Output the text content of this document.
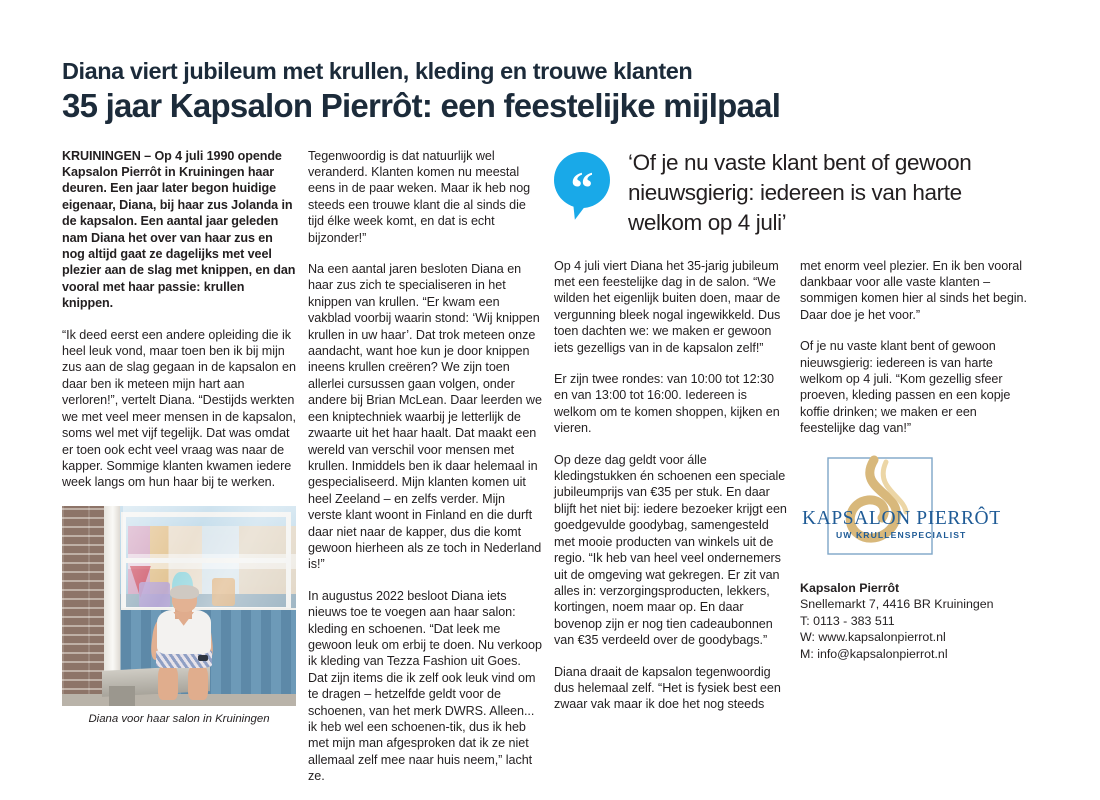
Diana viert jubileum met krullen, kleding en trouwe klanten
35 jaar Kapsalon Pierrôt: een feestelijke mijlpaal

KRUININGEN – Op 4 juli 1990 opende Kapsalon Pierrôt in Kruiningen haar deuren. Een jaar later begon huidige eigenaar, Diana, bij haar zus Jolanda in de kapsalon. Een aantal jaar geleden nam Diana het over van haar zus en nog altijd gaat ze dagelijks met veel plezier aan de slag met knippen, en dan vooral met haar passie: krullen knippen.

“Ik deed eerst een andere opleiding die ik heel leuk vond, maar toen ben ik bij mijn zus aan de slag gegaan in de kapsalon en daar ben ik meteen mijn hart aan verloren!”, vertelt Diana. “Destijds werkten we met veel meer mensen in de kapsalon, soms wel met vijf tegelijk. Dat was omdat er toen ook echt veel vraag was naar de kapper. Sommige klanten kwamen iedere week langs om hun haar bij te werken.

Diana voor haar salon in Kruiningen

Tegenwoordig is dat natuurlijk wel veranderd. Klanten komen nu meestal eens in de paar weken. Maar ik heb nog steeds een trouwe klant die al sinds die tijd élke week komt, en dat is echt bijzonder!”

Na een aantal jaren besloten Diana en haar zus zich te specialiseren in het knippen van krullen. “Er kwam een vakblad voorbij waarin stond: ‘Wij knippen krullen in uw haar’. Dat trok meteen onze aandacht, want hoe kun je door knippen ineens krullen creëren? We zijn toen allerlei cursussen gaan volgen, onder andere bij Brian McLean. Daar leerden we een kniptechniek waarbij je letterlijk de zwaarte uit het haar haalt. Dat maakt een wereld van verschil voor mensen met krullen. Inmiddels ben ik daar helemaal in gespecialiseerd. Mijn klanten komen uit heel Zeeland – en zelfs verder. Mijn verste klant woont in Finland en die durft daar niet naar de kapper, dus die komt gewoon hierheen als ze toch in Nederland is!”

In augustus 2022 besloot Diana iets nieuws toe te voegen aan haar salon: kleding en schoenen. “Dat leek me gewoon leuk om erbij te doen. Nu verkoop ik kleding van Tezza Fashion uit Goes. Dat zijn items die ik zelf ook leuk vind om te dragen – hetzelfde geldt voor de schoenen, van het merk DWRS. Alleen... ik heb wel een schoenen-tik, dus ik heb met mijn man afgesproken dat ik ze niet allemaal zelf mee naar huis neem,” lacht ze.

“ ‘Of je nu vaste klant bent of gewoon nieuwsgierig: iedereen is van harte welkom op 4 juli’

Op 4 juli viert Diana het 35-jarig jubileum met een feestelijke dag in de salon. “We wilden het eigenlijk buiten doen, maar de vergunning bleek nogal ingewikkeld. Dus toen dachten we: we maken er gewoon iets gezelligs van in de kapsalon zelf!”

Er zijn twee rondes: van 10:00 tot 12:30 en van 13:00 tot 16:00. Iedereen is welkom om te komen shoppen, kijken en vieren.

Op deze dag geldt voor álle kledingstukken én schoenen een speciale jubileumprijs van €35 per stuk. En daar blijft het niet bij: iedere bezoeker krijgt een goedgevulde goodybag, samengesteld met mooie producten van winkels uit de regio. “Ik heb van heel veel ondernemers uit de omgeving wat gekregen. Er zit van alles in: verzorgingsproducten, lekkers, kortingen, noem maar op. En daar bovenop zijn er nog tien cadeaubonnen van €35 verdeeld over de goodybags.”

Diana draait de kapsalon tegenwoordig dus helemaal zelf. “Het is fysiek best een zwaar vak maar ik doe het nog steeds

met enorm veel plezier. En ik ben vooral dankbaar voor alle vaste klanten – sommigen komen hier al sinds het begin. Daar doe je het voor.”

Of je nu vaste klant bent of gewoon nieuwsgierig: iedereen is van harte welkom op 4 juli. “Kom gezellig sfeer proeven, kleding passen en een kopje koffie drinken; we maken er een feestelijke dag van!”

KAPSALON PIERRÔT
UW KRULLENSPECIALIST
Kapsalon Pierrôt
Snellemarkt 7, 4416 BR Kruiningen
T: 0113 - 383 511
W: www.kapsalonpierrot.nl
M: info@kapsalonpierrot.nl
